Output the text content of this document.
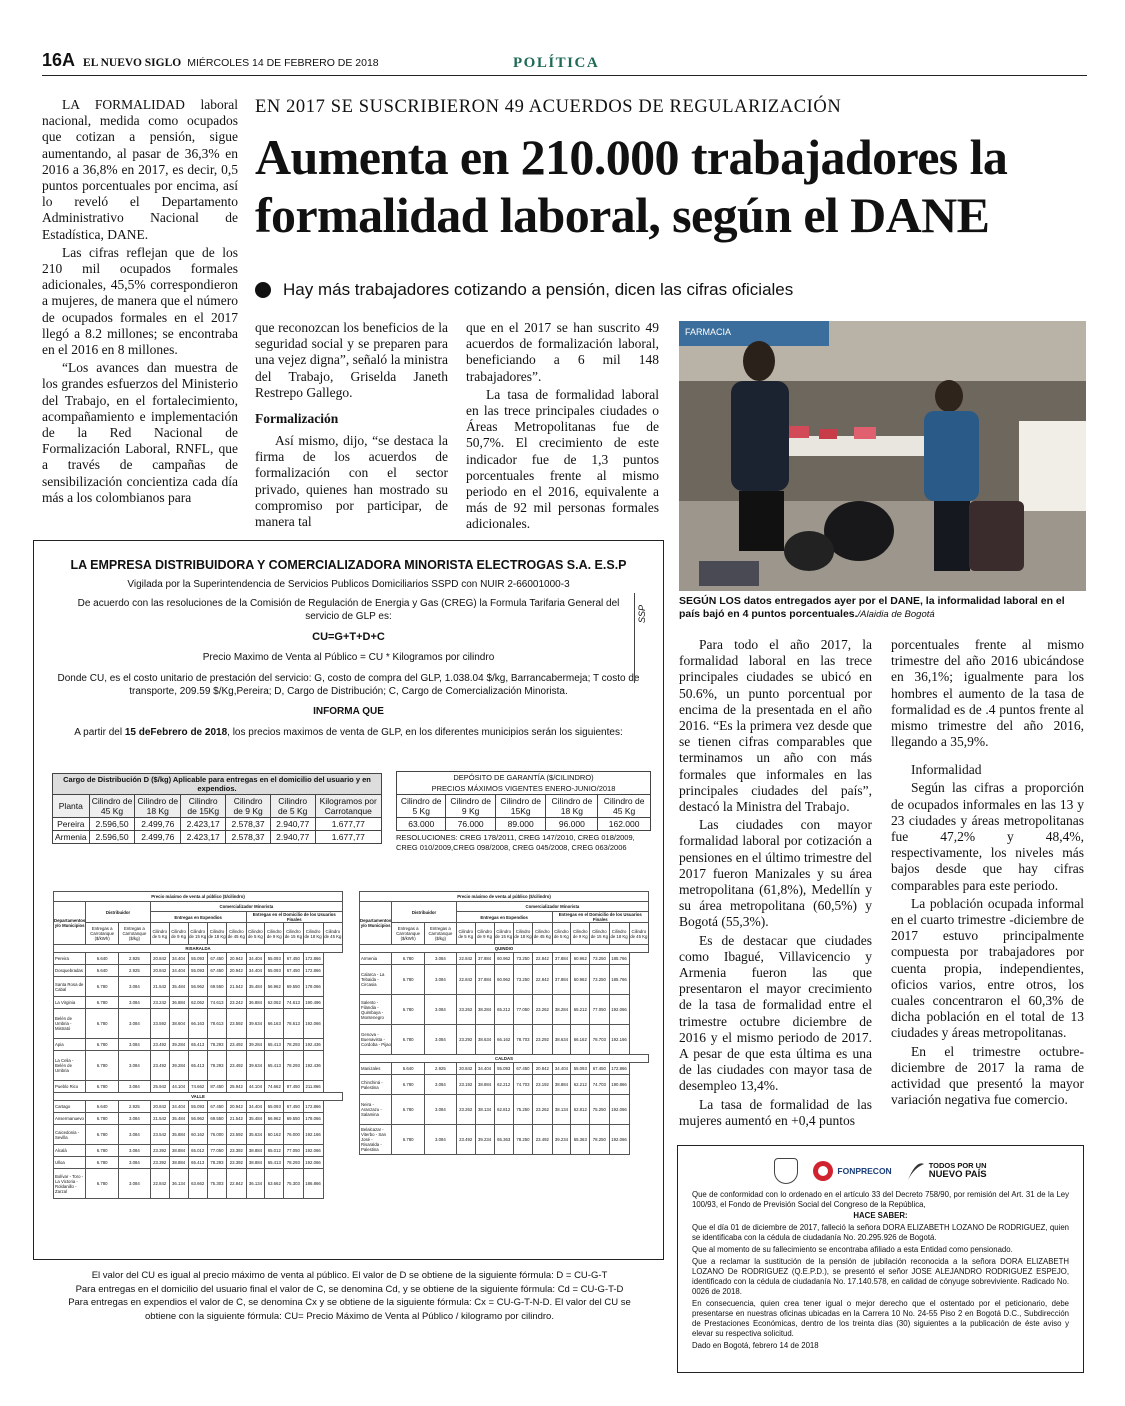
16A EL NUEVO SIGLO MIÉRCOLES 14 DE FEBRERO DE 2018	POLÍTICA
EN 2017 SE SUSCRIBIERON 49 ACUERDOS DE REGULARIZACIÓN
Aumenta en 210.000 trabajadores la
formalidad laboral, según el DANE
Hay más trabajadores cotizando a pensión, dicen las cifras oficiales

LA FORMALIDAD laboral nacional, medida como ocupados que cotizan a pensión, sigue aumentando, al pasar de 36,3% en 2016 a 36,8% en 2017, es decir, 0,5 puntos porcentuales por encima, así lo reveló el Departamento Administrativo Nacional de Estadística, DANE.

Las cifras reflejan que de los 210 mil ocupados formales adicionales, 45,5% correspondieron a mujeres, de manera que el número de ocupados formales en el 2017 llegó a 8.2 millones; se encontraba en el 2016 en 8 millones.

“Los avances dan muestra de los grandes esfuerzos del Ministerio del Trabajo, en el fortalecimiento, acompañamiento e implementación de la Red Nacional de Formalización Laboral, RNFL, que a través de campañas de sensibilización concientiza cada día más a los colombianos para

que reconozcan los beneficios de la seguridad social y se preparen para una vejez digna”, señaló la ministra del Trabajo, Griselda Janeth Restrepo Gallego.

Formalización

Así mismo, dijo, “se destaca la firma de los acuerdos de formalización con el sector privado, quienes han mostrado su compromiso por participar, de manera tal

que en el 2017 se han suscrito 49 acuerdos de formalización laboral, beneficiando a 6 mil 148 trabajadores”.

La tasa de formalidad laboral en las trece principales ciudades o Áreas Metropolitanas fue de 50,7%. El crecimiento de este indicador fue de 1,3 puntos porcentuales frente al mismo periodo en el 2016, equivalente a más de 92 mil personas formales adicionales.

FARMACIA
SEGÚN LOS datos entregados ayer por el DANE, la informalidad laboral en el país bajó en 4 puntos porcentuales./Alaidia de Bogotá

Para todo el año 2017, la formalidad laboral en las trece principales ciudades se ubicó en 50.6%, un punto porcentual por encima de la presentada en el año 2016. “Es la primera vez desde que se tienen cifras comparables que terminamos un año con más formales que informales en las principales ciudades del país”, destacó la Ministra del Trabajo.

Las ciudades con mayor formalidad laboral por cotización a pensiones en el último trimestre del 2017 fueron Manizales y su área metropolitana (61,8%), Medellín y su área metropolitana (60,5%) y Bogotá (55,3%).

Es de destacar que ciudades como Ibagué, Villavicencio y Armenia fueron las que presentaron el mayor crecimiento de la tasa de formalidad entre el trimestre octubre diciembre de 2016 y el mismo periodo de 2017. A pesar de que esta última es una de las ciudades con mayor tasa de desempleo 13,4%.

La tasa de formalidad de las mujeres aumentó en +0,4 puntos

porcentuales frente al mismo trimestre del año 2016 ubicándose en 36,1%; igualmente para los hombres el aumento de la tasa de formalidad es de .4 puntos frente al mismo trimestre del año 2016, llegando a 35,9%.

Informalidad

Según las cifras a proporción de ocupados informales en las 13 y 23 ciudades y áreas metropolitanas fue 47,2% y 48,4%, respectivamente, los niveles más bajos desde que hay cifras comparables para este periodo.

La población ocupada informal en el cuarto trimestre -diciembre de 2017 estuvo principalmente compuesta por trabajadores por cuenta propia, independientes, oficios varios, entre otros, los cuales concentraron el 60,3% de dicha población en el total de 13 ciudades y áreas metropolitanas.

En el trimestre octubre-diciembre de 2017 la rama de actividad que presentó la mayor variación negativa fue comercio.

LA EMPRESA DISTRIBUIDORA Y COMERCIALIZADORA MINORISTA ELECTROGAS S.A. E.S.P
Vigilada por la Superintendencia de Servicios Publicos Domiciliarios SSPD con NUIR 2-66001000-3
De acuerdo con las resoluciones de la Comisión de Regulación de Energia y Gas (CREG) la Formula Tarifaria General del servicio de GLP es:
CU=G+T+D+C
Precio Maximo de Venta al Público = CU * Kilogramos por cilindro
Donde CU, es el costo unitario de prestación del servicio: G, costo de compra del GLP, 1.038.04 $/kg, Barrancabermeja; T costo de transporte, 209.59 $/Kg,Pereira; D, Cargo de Distribución; C, Cargo de Comercialización Minorista.
INFORMA QUE
A partir del 15 deFebrero de 2018, los precios maximos de venta de GLP, en los diferentes municipios serán los siguientes:
SSP
Cargo de Distribución D ($/kg) Aplicable para entregas en el domicilio del usuario y en expendios.						
Planta	Cilindro de 45 Kg	Cilindro de 18 Kg	Cilindro de 15Kg	Cilindro de 9 Kg	Cilindro de 5 Kg	Kilogramos por Carrotanque
Pereira	2.596,50	2.499,76	2.423,17	2.578,37	2.940,77	1.677,77
Armenia	2.596,50	2.499,76	2.423,17	2.578,37	2.940,77	1.677,77
DEPÓSITO DE GARANTÍA ($/CILINDRO)				
PRECIOS MÁXIMOS VIGENTES ENERO-JUNIO/2018				
Cilindro de 5 Kg	Cilindro de 9 Kg	Cilindro de 15Kg	Cilindro de 18 Kg	Cilindro de 45 Kg
63.000	76.000	89.000	96.000	162.000
RESOLUCIONES: CREG 178/2011, CREG 147/2010, CREG 018/2009, CREG 010/2009,CREG 098/2008, CREG 045/2008, CREG 063/2006
Precio máximo de venta al público ($/cilindro)												
Departamentos y/o Municipios	Distribuidor		Comercializador Minorista									
			Entregas en Expendios					Entregas en el Domicilio de los Usuarios Finales				
	Entregas a Carrotanque ($/kWh)	Entregas a Carrotanque ($/kg)	Cilindro de 5 Kg	Cilindro de 9 Kg	Cilindro de 15 Kg	Cilindro de 18 Kg	Cilindro de 45 Kg	Cilindro de 5 Kg	Cilindro de 9 Kg	Cilindro de 15 Kg	Cilindro de 18 Kg	Cilindro de 45 Kg
RISARALDA												
Pereira	6.640	2.925	20.842	34.404	55.093	67.450	20.942	34.404	55.093	67.450	172.866	
Dosquebradas	6.640	2.925	20.842	34.404	55.093	67.450	20.942	34.404	55.093	67.450	172.866	
Santa Rosa de Cabal	6.780	3.084	21.542	35.484	56.962	69.550	21.542	35.484	56.962	69.550	178.066	
La Virginia	6.780	3.084	23.242	36.884	62.062	74.613	23.242	36.884	62.062	74.613	190.496	
Belén de Umbria - Mistrató	6.780	3.084	23.592	38.604	66.163	78.613	23.592	39.634	66.163	78.613	192.066	
Apia	6.780	3.084	23.492	39.284	65.413	78.293	23.492	39.284	65.413	78.293	192.436	
La Celia - Belén de Umbria	6.780	3.084	23.492	39.284	65.413	78.293	23.492	39.634	65.413	78.293	192.436	
Pueblo Rico	6.780	3.084	25.942	44.104	74.662	87.450	25.942	44.104	74.662	87.450	211.866	
VALLE												
Cartago	6.640	2.925	20.842	34.404	55.093	67.450	20.942	34.404	55.093	67.450	172.866	
Ansermanuevo	6.780	3.084	21.542	35.484	56.962	69.550	21.542	35.484	56.962	69.550	178.066	
Caicedonia - Sevilla	6.780	3.084	23.542	35.884	60.162	76.000	23.592	35.634	60.162	76.000	192.166	
Alcalá	6.780	3.084	23.392	38.884	65.012	77.050	23.392	38.884	65.012	77.050	192.066	
Ulloa	6.780	3.084	23.392	38.884	65.413	78.293	23.392	38.884	65.413	78.293	192.066	
Bolívar - Toro - La Victoria - Roldanillo - Zarzal	6.780	3.084	22.842	36.134	63.662	75.303	22.842	36.134	63.662	75.303	186.866	
Precio máximo de venta al público ($/cilindro)												
Departamentos y/o Municipios	Distribuidor		Comercializador Minorista									
			Entregas en Expendios					Entregas en el Domicilio de los Usuarios Finales				
	Entregas a Carrotanque ($/kWh)	Entregas a Carrotanque ($/kg)	Cilindro de 5 Kg	Cilindro de 9 Kg	Cilindro de 15 Kg	Cilindro de 18 Kg	Cilindro de 45 Kg	Cilindro de 5 Kg	Cilindro de 9 Kg	Cilindro de 15 Kg	Cilindro de 18 Kg	Cilindro de 45 Kg
QUINDIO												
Armenia	6.780	3.084	22.842	37.884	60.962	73.250	22.842	37.884	60.962	73.250	185.766	
Calarca - La Tebaida - Circasia	6.780	3.084	22.842	37.884	60.962	73.250	22.842	37.884	60.962	73.250	185.766	
Salento - Filandia - Quimbaya - Montenegro	6.780	3.084	23.262	38.284	65.212	77.050	23.262	38.284	65.212	77.050	192.066	
Genova - Buenavista - Cordoba - Pijao	6.780	3.084	23.292	38.634	66.162	78.703	23.292	38.634	66.162	78.703	192.166	
CALDAS												
Manizales	6.640	2.925	20.842	34.404	55.093	67.450	20.842	34.404	55.093	67.450	172.866	
Chinchiná - Palestina	6.780	3.084	23.192	38.884	62.212	74.703	23.192	38.884	62.212	74.703	190.866	
Neira - Aranzazu - Salamina	6.780	3.084	23.262	38.134	62.812	75.250	23.262	38.134	62.812	75.250	192.066	
Belalcazar - Viterbo - San José - Risaralda - Palestina	6.780	3.084	23.492	39.234	65.363	78.250	23.492	39.234	65.363	78.250	192.066	
El valor del CU es igual al precio máximo de venta al público. El valor de D se obtiene de la siguiente fórmula: D = CU-G-T
Para entregas en el domicilio del usuario final el valor de C, se denomina Cd, y se obtiene de la siguiente fórmula: Cd = CU-G-T-D
Para entregas en expendios el valor de C, se denomina Cx y se obtiene de la siguiente fórmula: Cx = CU-G-T-N-D. El valor del CU se
obtiene con la siguiente fórmula: CU= Precio Máximo de Venta al Público / kilogramo por cilindro.
FONPRECON
TODOS POR UN
NUEVO PAÍS
Que de conformidad con lo ordenado en el artículo 33 del Decreto 758/90, por remisión del Art. 31 de la Ley 100/93, el Fondo de Previsión Social del Congreso de la República,
HACE SABER:
Que el día 01 de diciembre de 2017, falleció la señora DORA ELIZABETH LOZANO De RODRIGUEZ, quien se identificaba con la cédula de ciudadanía No. 20.295.926 de Bogotá.
Que al momento de su fallecimiento se encontraba afiliado a esta Entidad como pensionado.
Que a reclamar la sustitución de la pensión de jubilación reconocida a la señora DORA ELIZABETH LOZANO De RODRIGUEZ (Q.E.P.D.), se presentó el señor JOSE ALEJANDRO RODRIGUEZ ESPEJO, identificado con la cédula de ciudadanía No. 17.140.578, en calidad de cónyuge sobreviviente. Radicado No. 0026 de 2018.
En consecuencia, quien crea tener igual o mejor derecho que el ostentado por el peticionario, debe presentarse en nuestras oficinas ubicadas en la Carrera 10 No. 24-55 Piso 2 en Bogotá D.C., Subdirección de Prestaciones Económicas, dentro de los treinta días (30) siguientes a la publicación de éste aviso y elevar su respectiva solicitud.
Dado en Bogotá, febrero 14 de 2018
